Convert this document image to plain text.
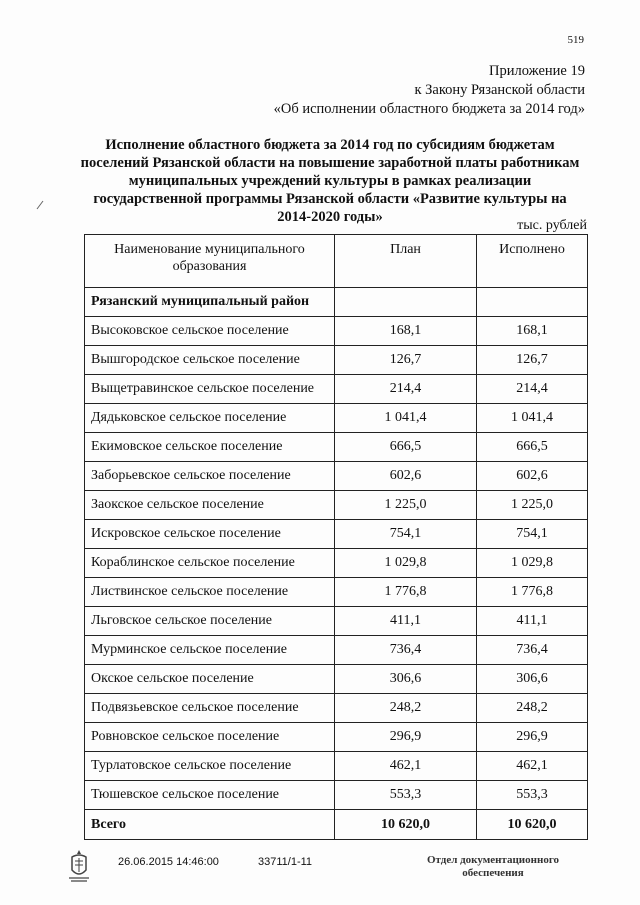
519
Приложение 19
к Закону Рязанской области
«Об исполнении областного бюджета за 2014 год»
Исполнение областного бюджета за 2014 год по субсидиям бюджетам поселений Рязанской области на повышение заработной платы работникам муниципальных учреждений культуры в рамках реализации государственной программы Рязанской области «Развитие культуры на 2014-2020 годы»
тыс. рублей
Наименование муниципального образования	План	Исполнено
Рязанский муниципальный район		
Высоковское сельское поселение	168,1	168,1
Вышгородское сельское поселение	126,7	126,7
Выщетравинское сельское поселение	214,4	214,4
Дядьковское сельское поселение	1 041,4	1 041,4
Екимовское сельское поселение	666,5	666,5
Заборьевское сельское поселение	602,6	602,6
Заокское сельское поселение	1 225,0	1 225,0
Искровское сельское поселение	754,1	754,1
Кораблинское сельское поселение	1 029,8	1 029,8
Листвинское сельское поселение	1 776,8	1 776,8
Льговское сельское поселение	411,1	411,1
Мурминское сельское поселение	736,4	736,4
Окское сельское поселение	306,6	306,6
Подвязьевское сельское поселение	248,2	248,2
Ровновское сельское поселение	296,9	296,9
Турлатовское сельское поселение	462,1	462,1
Тюшевское сельское поселение	553,3	553,3
Всего	10 620,0	10 620,0
26.06.2015 14:46:00	33711/1-11	Отдел документационного
обеспечения
